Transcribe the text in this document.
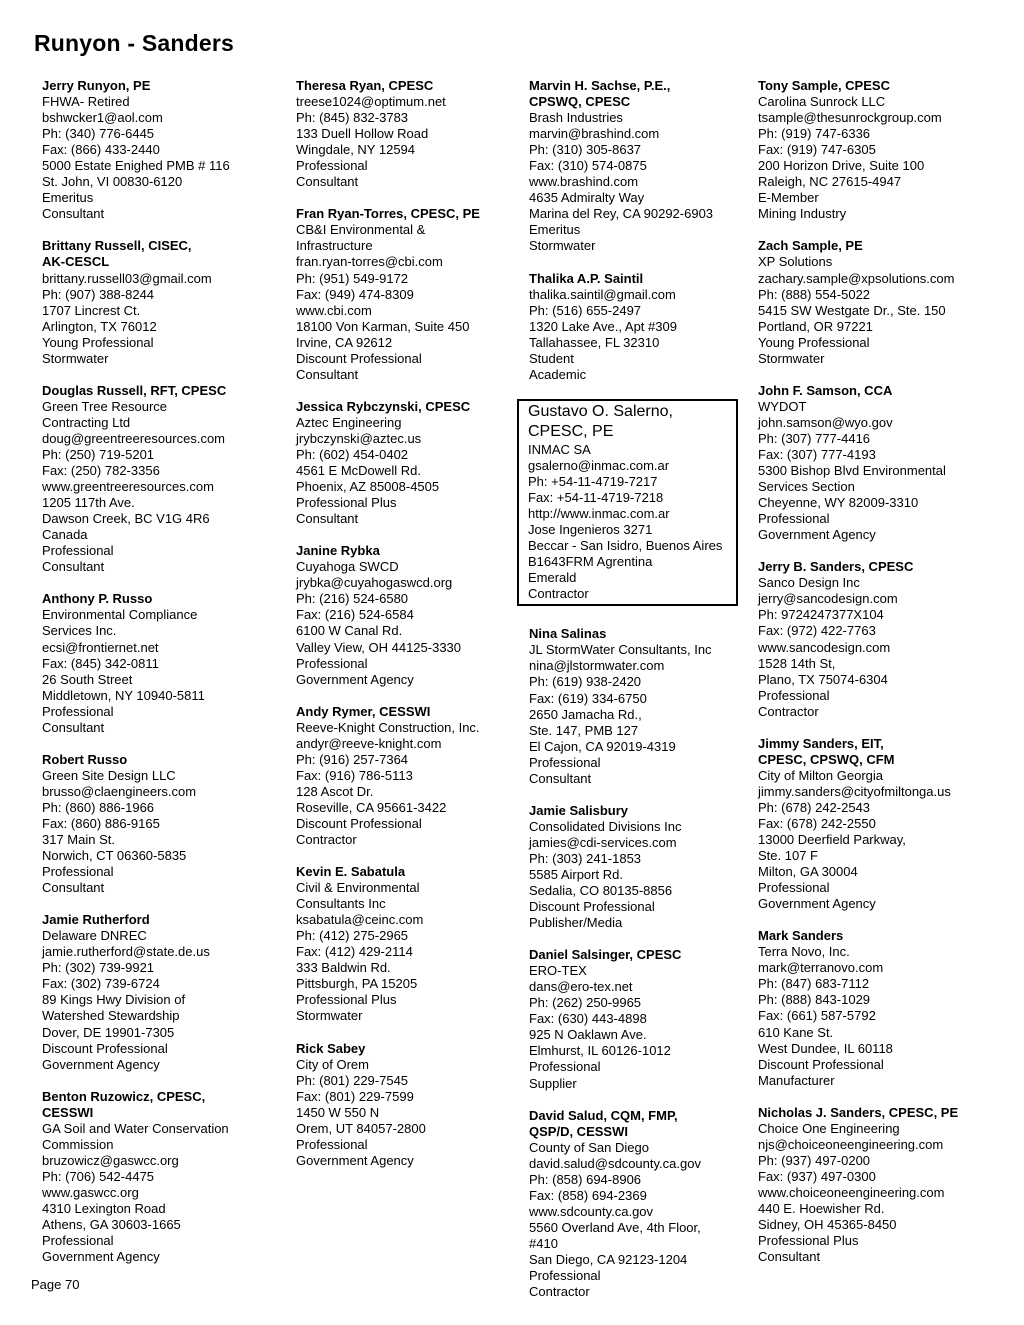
Runyon - Sanders
Jerry Runyon, PE
FHWA- Retired
bshwcker1@aol.com
Ph: (340) 776-6445
Fax: (866) 433-2440
5000 Estate Enighed PMB # 116
St. John, VI 00830-6120
Emeritus
Consultant
Brittany Russell, CISEC,
AK-CESCL
brittany.russell03@gmail.com
Ph: (907) 388-8244
1707 Lincrest Ct.
Arlington, TX 76012
Young Professional
Stormwater
Douglas Russell, RFT, CPESC
Green Tree Resource
Contracting Ltd
doug@greentreeresources.com
Ph: (250) 719-5201
Fax: (250) 782-3356
www.greentreeresources.com
1205 117th Ave.
Dawson Creek, BC V1G 4R6
Canada
Professional
Consultant
Anthony P. Russo
Environmental Compliance
Services Inc.
ecsi@frontiernet.net
Fax: (845) 342-0811
26 South Street
Middletown, NY 10940-5811
Professional
Consultant
Robert Russo
Green Site Design LLC
brusso@claengineers.com
Ph: (860) 886-1966
Fax: (860) 886-9165
317 Main St.
Norwich, CT 06360-5835
Professional
Consultant
Jamie Rutherford
Delaware DNREC
jamie.rutherford@state.de.us
Ph: (302) 739-9921
Fax: (302) 739-6724
89 Kings Hwy Division of
Watershed Stewardship
Dover, DE 19901-7305
Discount Professional
Government Agency
Benton Ruzowicz, CPESC,
CESSWI
GA Soil and Water Conservation
Commission
bruzowicz@gaswcc.org
Ph: (706) 542-4475
www.gaswcc.org
4310 Lexington Road
Athens, GA 30603-1665
Professional
Government Agency
Theresa Ryan, CPESC
treese1024@optimum.net
Ph: (845) 832-3783
133 Duell Hollow Road
Wingdale, NY 12594
Professional
Consultant
Fran Ryan-Torres, CPESC, PE
CB&I Environmental &
Infrastructure
fran.ryan-torres@cbi.com
Ph: (951) 549-9172
Fax: (949) 474-8309
www.cbi.com
18100 Von Karman, Suite 450
Irvine, CA 92612
Discount Professional
Consultant
Jessica Rybczynski, CPESC
Aztec Engineering
jrybczynski@aztec.us
Ph: (602) 454-0402
4561 E McDowell Rd.
Phoenix, AZ 85008-4505
Professional Plus
Consultant
Janine Rybka
Cuyahoga SWCD
jrybka@cuyahogaswcd.org
Ph: (216) 524-6580
Fax: (216) 524-6584
6100 W Canal Rd.
Valley View, OH 44125-3330
Professional
Government Agency
Andy Rymer, CESSWI
Reeve-Knight Construction, Inc.
andyr@reeve-knight.com
Ph: (916) 257-7364
Fax: (916) 786-5113
128 Ascot Dr.
Roseville, CA 95661-3422
Discount Professional
Contractor
Kevin E. Sabatula
Civil & Environmental
Consultants Inc
ksabatula@ceinc.com
Ph: (412) 275-2965
Fax: (412) 429-2114
333 Baldwin Rd.
Pittsburgh, PA 15205
Professional Plus
Stormwater
Rick Sabey
City of Orem
Ph: (801) 229-7545
Fax: (801) 229-7599
1450 W 550 N
Orem, UT 84057-2800
Professional
Government Agency
Marvin H. Sachse, P.E.,
CPSWQ, CPESC
Brash Industries
marvin@brashind.com
Ph: (310) 305-8637
Fax: (310) 574-0875
www.brashind.com
4635 Admiralty Way
Marina del Rey, CA 90292-6903
Emeritus
Stormwater
Thalika A.P. Saintil
thalika.saintil@gmail.com
Ph: (516) 655-2497
1320 Lake Ave., Apt #309
Tallahassee, FL 32310
Student
Academic
Gustavo O. Salerno,
CPESC, PE
INMAC SA
gsalerno@inmac.com.ar
Ph: +54-11-4719-7217
Fax: +54-11-4719-7218
http://www.inmac.com.ar
Jose Ingenieros 3271
Beccar - San Isidro, Buenos Aires
B1643FRM Agrentina
Emerald
Contractor
Nina Salinas
JL StormWater Consultants, Inc
nina@jlstormwater.com
Ph: (619) 938-2420
Fax: (619) 334-6750
2650 Jamacha Rd.,
Ste. 147, PMB 127
El Cajon, CA 92019-4319
Professional
Consultant
Jamie Salisbury
Consolidated Divisions Inc
jamies@cdi-services.com
Ph: (303) 241-1853
5585 Airport Rd.
Sedalia, CO 80135-8856
Discount Professional
Publisher/Media
Daniel Salsinger, CPESC
ERO-TEX
dans@ero-tex.net
Ph: (262) 250-9965
Fax: (630) 443-4898
925 N Oaklawn Ave.
Elmhurst, IL 60126-1012
Professional
Supplier
David Salud, CQM, FMP,
QSP/D, CESSWI
County of San Diego
david.salud@sdcounty.ca.gov
Ph: (858) 694-8906
Fax: (858) 694-2369
www.sdcounty.ca.gov
5560 Overland Ave, 4th Floor,
#410
San Diego, CA 92123-1204
Professional
Contractor
Tony Sample, CPESC
Carolina Sunrock LLC
tsample@thesunrockgroup.com
Ph: (919) 747-6336
Fax: (919) 747-6305
200 Horizon Drive, Suite 100
Raleigh, NC 27615-4947
E-Member
Mining Industry
Zach Sample, PE
XP Solutions
zachary.sample@xpsolutions.com
Ph: (888) 554-5022
5415 SW Westgate Dr., Ste. 150
Portland, OR 97221
Young Professional
Stormwater
John F. Samson, CCA
WYDOT
john.samson@wyo.gov
Ph: (307) 777-4416
Fax: (307) 777-4193
5300 Bishop Blvd Environmental
Services Section
Cheyenne, WY 82009-3310
Professional
Government Agency
Jerry B. Sanders, CPESC
Sanco Design Inc
jerry@sancodesign.com
Ph: 9724247377X104
Fax: (972) 422-7763
www.sancodesign.com
1528 14th St,
Plano, TX 75074-6304
Professional
Contractor
Jimmy Sanders, EIT,
CPESC, CPSWQ, CFM
City of Milton Georgia
jimmy.sanders@cityofmiltonga.us
Ph: (678) 242-2543
Fax: (678) 242-2550
13000 Deerfield Parkway,
Ste. 107 F
Milton, GA 30004
Professional
Government Agency
Mark Sanders
Terra Novo, Inc.
mark@terranovo.com
Ph: (847) 683-7112
Ph: (888) 843-1029
Fax: (661) 587-5792
610 Kane St.
West Dundee, IL 60118
Discount Professional
Manufacturer
Nicholas J. Sanders, CPESC, PE
Choice One Engineering
njs@choiceoneengineering.com
Ph: (937) 497-0200
Fax: (937) 497-0300
www.choiceoneengineering.com
440 E. Hoewisher Rd.
Sidney, OH 45365-8450
Professional Plus
Consultant
Page 70
